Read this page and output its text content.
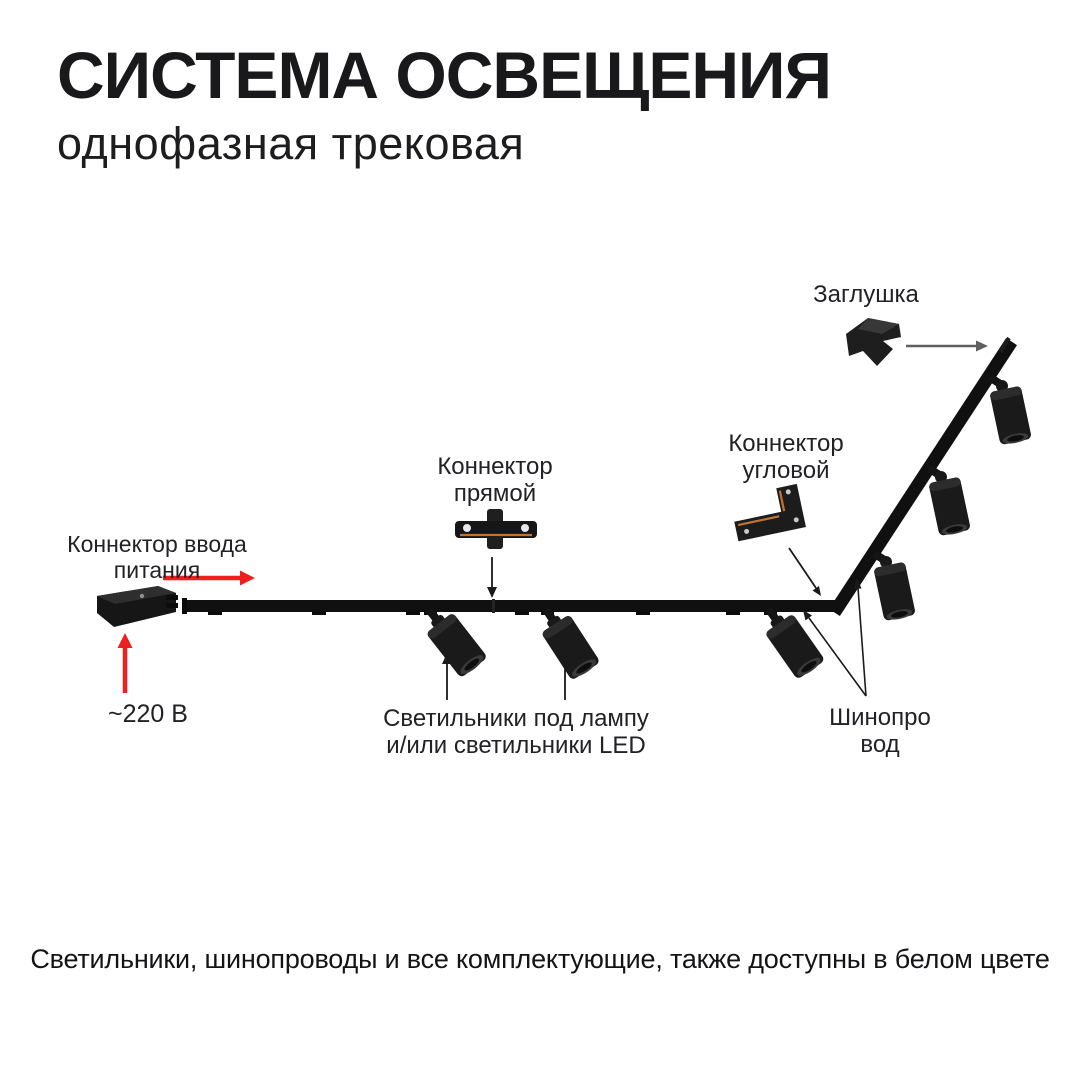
СИСТЕМА ОСВЕЩЕНИЯ
однофазная трековая
Заглушка
Коннектор
угловой
Коннектор
прямой
Коннектор ввода
питания
~220 В	Светильники под лампу
и/или светильники LED
Шинопро
вод
Светильники, шинопроводы и все комплектующие, также доступны в белом цвете
